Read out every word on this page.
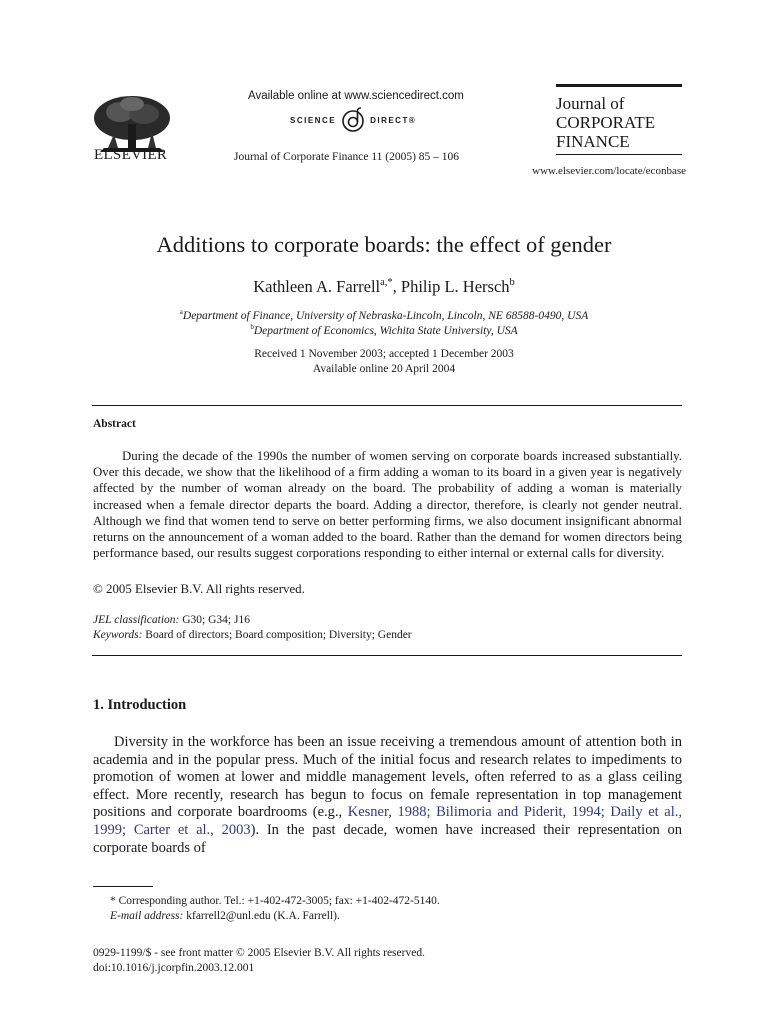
ELSEVIER
Available online at www.sciencedirect.com
SCIENCE	DIRECT®
Journal of Corporate Finance 11 (2005) 85 – 106
Journal of
CORPORATE
FINANCE
www.elsevier.com/locate/econbase
Additions to corporate boards: the effect of gender
Kathleen A. Farrell$^{a,*}$, Philip L. Hersch$^b$
$^a$Department of Finance, University of Nebraska-Lincoln, Lincoln, NE 68588-0490, USA
$^b$Department of Economics, Wichita State University, USA
Received 1 November 2003; accepted 1 December 2003
Available online 20 April 2004
Abstract

During the decade of the 1990s the number of women serving on corporate boards increased substantially. Over this decade, we show that the likelihood of a firm adding a woman to its board in a given year is negatively affected by the number of woman already on the board. The probability of adding a woman is materially increased when a female director departs the board. Adding a director, therefore, is clearly not gender neutral. Although we find that women tend to serve on better performing firms, we also document insignificant abnormal returns on the announcement of a woman added to the board. Rather than the demand for women directors being performance based, our results suggest corporations responding to either internal or external calls for diversity.

© 2005 Elsevier B.V. All rights reserved.
JEL classification: G30; G34; J16
Keywords: Board of directors; Board composition; Diversity; Gender
1. Introduction

Diversity in the workforce has been an issue receiving a tremendous amount of attention both in academia and in the popular press. Much of the initial focus and research relates to impediments to promotion of women at lower and middle management levels, often referred to as a glass ceiling effect. More recently, research has begun to focus on female representation in top management positions and corporate boardrooms (e.g., Kesner, 1988; Bilimoria and Piderit, 1994; Daily et al., 1999; Carter et al., 2003). In the past decade, women have increased their representation on corporate boards of

* Corresponding author. Tel.: +1-402-472-3005; fax: +1-402-472-5140.
E-mail address: kfarrell2@unl.edu (K.A. Farrell).
0929-1199/$ - see front matter © 2005 Elsevier B.V. All rights reserved.
doi:10.1016/j.jcorpfin.2003.12.001
